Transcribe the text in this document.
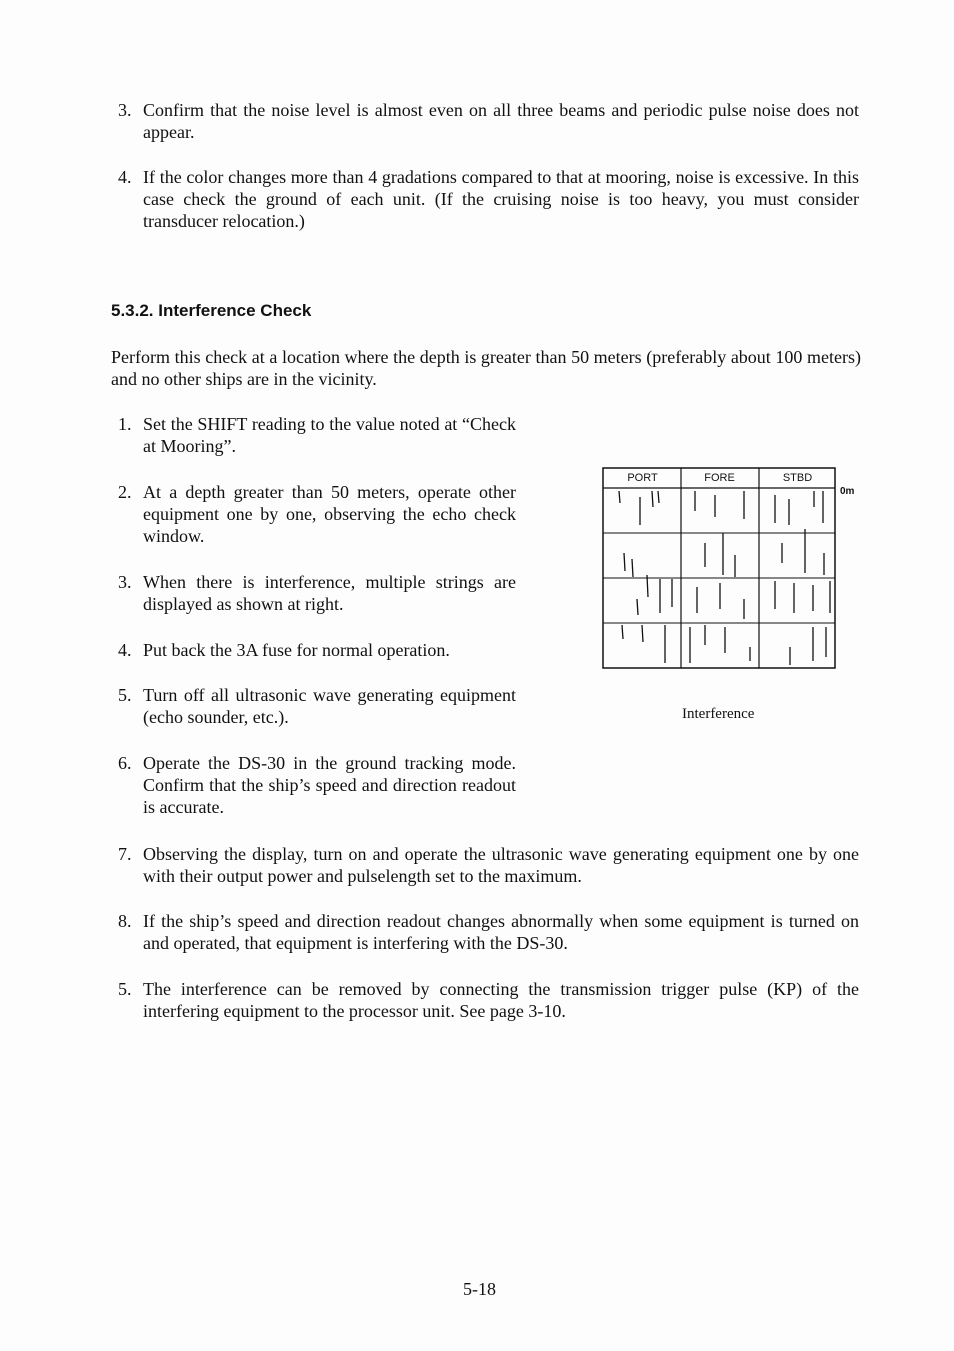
3. Confirm that the noise level is almost even on all three beams and periodic pulse noise does not appear.
4. If the color changes more than 4 gradations compared to that at mooring, noise is excessive. In this case check the ground of each unit. (If the cruising noise is too heavy, you must consider transducer relocation.)
5.3.2. Interference Check
Perform this check at a location where the depth is greater than 50 meters (preferably about 100 meters) and no other ships are in the vicinity.
1. Set the SHIFT reading to the value noted at “Check at Mooring”.
2. At a depth greater than 50 meters, operate other equipment one by one, observing the echo check window.
3. When there is interference, multiple strings are displayed as shown at right.
4. Put back the 3A fuse for normal operation.
5. Turn off all ultrasonic wave generating equipment (echo sounder, etc.).
6. Operate the DS-30 in the ground tracking mode. Confirm that the ship’s speed and direction readout is accurate.
7. Observing the display, turn on and operate the ultrasonic wave generating equipment one by one with their output power and pulselength set to the maximum.
8. If the ship’s speed and direction readout changes abnormally when some equipment is turned on and operated, that equipment is interfering with the DS-30.
5. The interference can be removed by connecting the transmission trigger pulse (KP) of the interfering equipment to the processor unit. See page 3-10.
PORT	FORE	STBD
0m
Interference
5-18
